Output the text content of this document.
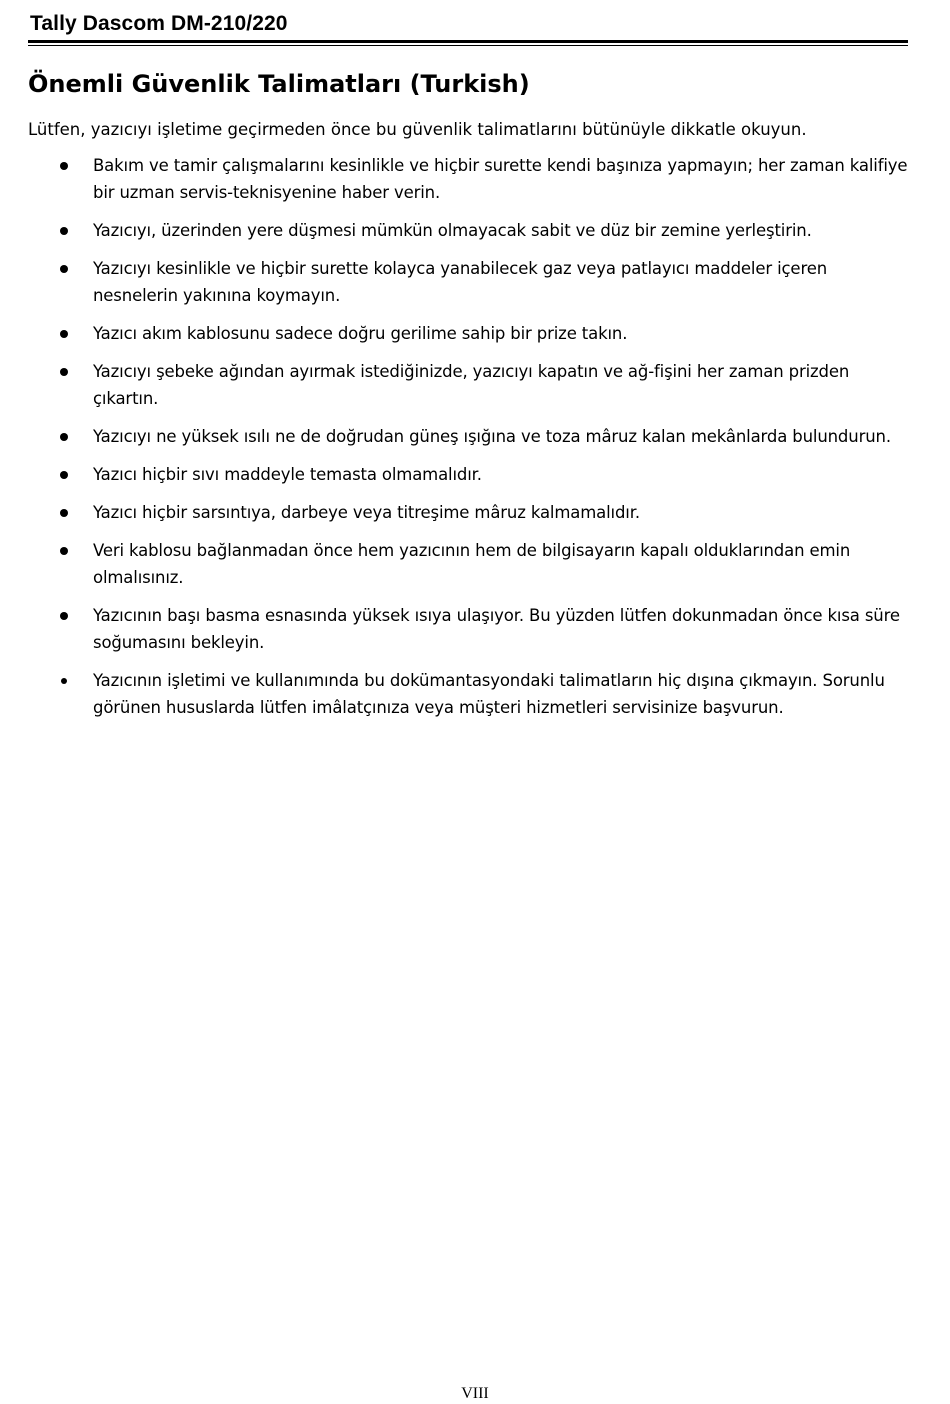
Tally Dascom DM-210/220
Önemli Güvenlik Talimatları (Turkish)
Lütfen, yazıcıyı işletime geçirmeden önce bu güvenlik talimatlarını bütünüyle dikkatle okuyun.
Bakım ve tamir çalışmalarını kesinlikle ve hiçbir surette kendi başınıza yapmayın; her zaman kalifiye bir uzman servis-teknisyenine haber verin.
Yazıcıyı, üzerinden yere düşmesi mümkün olmayacak sabit ve düz bir zemine yerleştirin.
Yazıcıyı kesinlikle ve hiçbir surette kolayca yanabilecek gaz veya patlayıcı maddeler içeren nesnelerin yakınına koymayın.
Yazıcı akım kablosunu sadece doğru gerilime sahip bir prize takın.
Yazıcıyı şebeke ağından ayırmak istediğinizde, yazıcıyı kapatın ve ağ-fişini her zaman prizden çıkartın.
Yazıcıyı ne yüksek ısılı ne de doğrudan güneş ışığına ve toza mâruz kalan mekânlarda bulundurun.
Yazıcı hiçbir sıvı maddeyle temasta olmamalıdır.
Yazıcı hiçbir sarsıntıya, darbeye veya titreşime mâruz kalmamalıdır.
Veri kablosu bağlanmadan önce hem yazıcının hem de bilgisayarın kapalı olduklarından emin olmalısınız.
Yazıcının başı basma esnasında yüksek ısıya ulaşıyor. Bu yüzden lütfen dokunmadan önce kısa süre soğumasını bekleyin.
Yazıcının işletimi ve kullanımında bu dokümantasyondaki talimatların hiç dışına çıkmayın. Sorunlu görünen hususlarda lütfen imâlatçınıza veya müşteri hizmetleri servisinize başvurun.
VIII
